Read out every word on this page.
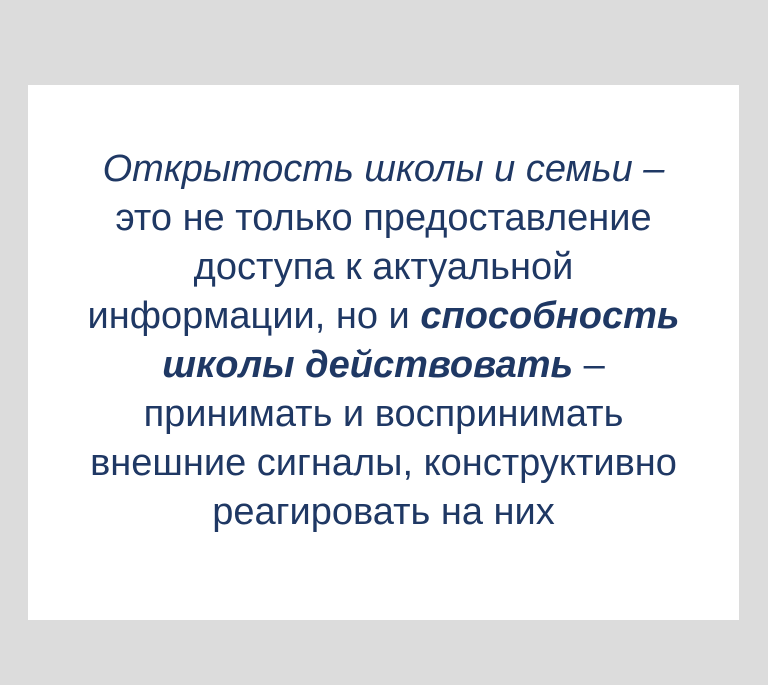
Открытость школы и семьи –
это не только предоставление
доступа к актуальной
информации, но и способность
школы действовать –
принимать и воспринимать
внешние сигналы, конструктивно
реагировать на них
